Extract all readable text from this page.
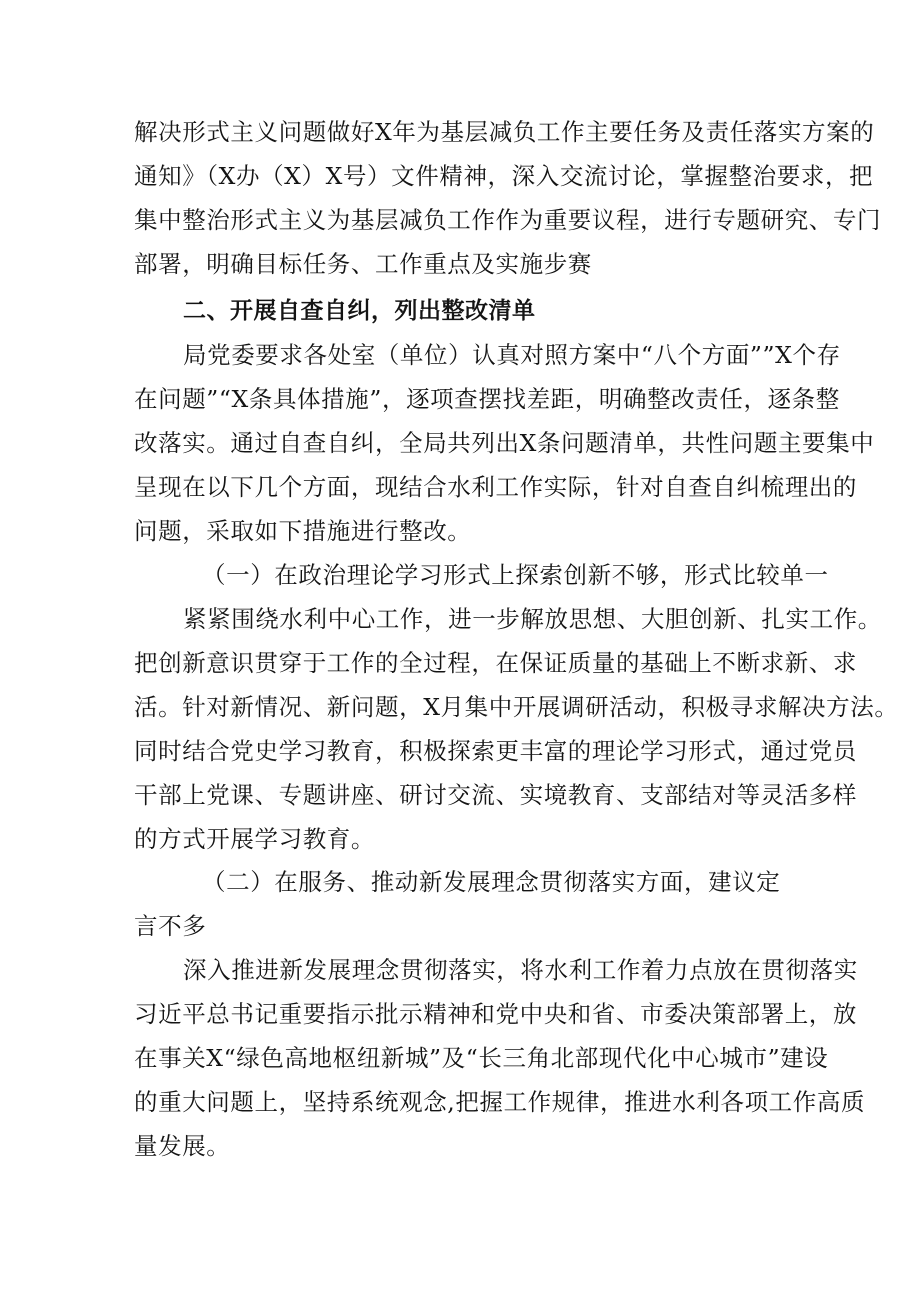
解决形式主义问题做好X年为基层减负工作主要任务及责任落实方案的
通知》（X办（X）X号）文件精神，深入交流讨论，掌握整治要求，把
集中整治形式主义为基层减负工作作为重要议程，进行专题研究、专门
部署，明确目标任务、工作重点及实施步赛
二、开展自查自纠，列出整改清单
局党委要求各处室（单位）认真对照方案中“八个方面””X个存
在问题”“X条具体措施”，逐项查摆找差距，明确整改责任，逐条整
改落实。通过自查自纠，全局共列出X条问题清单，共性问题主要集中
呈现在以下几个方面，现结合水利工作实际，针对自查自纠梳理出的
问题，采取如下措施进行整改。
（一）在政治理论学习形式上探索创新不够，形式比较单一
紧紧围绕水利中心工作，进一步解放思想、大胆创新、扎实工作。
把创新意识贯穿于工作的全过程，在保证质量的基础上不断求新、求
活。针对新情况、新问题，X月集中开展调研活动，积极寻求解决方法。
同时结合党史学习教育，积极探索更丰富的理论学习形式，通过党员
干部上党课、专题讲座、研讨交流、实境教育、支部结对等灵活多样
的方式开展学习教育。
（二）在服务、推动新发展理念贯彻落实方面，建议定
言不多
深入推进新发展理念贯彻落实，将水利工作着力点放在贯彻落实
习近平总书记重要指示批示精神和党中央和省、市委决策部署上，放
在事关X“绿色高地枢纽新城”及“长三角北部现代化中心城市”建设
的重大问题上，坚持系统观念,把握工作规律，推进水利各项工作高质
量发展。
